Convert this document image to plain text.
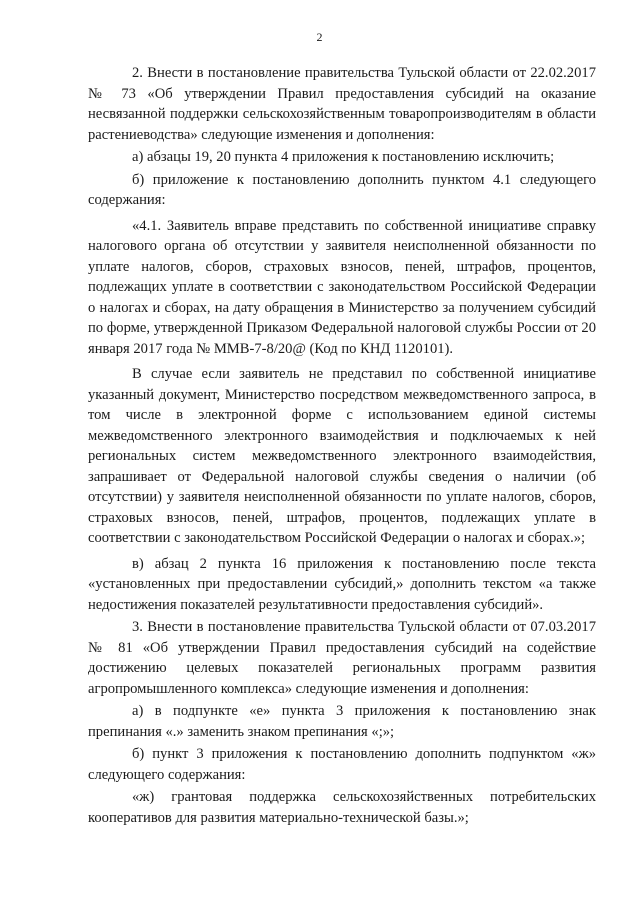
2

2. Внести в постановление правительства Тульской области от 22.02.2017 № 73 «Об утверждении Правил предоставления субсидий на оказание несвязанной поддержки сельскохозяйственным товаропроизводителям в области растениеводства» следующие изменения и дополнения:

а) абзацы 19, 20 пункта 4 приложения к постановлению исключить;

б) приложение к постановлению дополнить пунктом 4.1 следующего содержания:

«4.1. Заявитель вправе представить по собственной инициативе справку налогового органа об отсутствии у заявителя неисполненной обязанности по уплате налогов, сборов, страховых взносов, пеней, штрафов, процентов, подлежащих уплате в соответствии с законодательством Российской Федерации о налогах и сборах, на дату обращения в Министерство за получением субсидий по форме, утвержденной Приказом Федеральной налоговой службы России от 20 января 2017 года № ММВ-7-8/20@ (Код по КНД 1120101).

В случае если заявитель не представил по собственной инициативе указанный документ, Министерство посредством межведомственного запроса, в том числе в электронной форме с использованием единой системы межведомственного электронного взаимодействия и подключаемых к ней региональных систем межведомственного электронного взаимодействия, запрашивает от Федеральной налоговой службы сведения о наличии (об отсутствии) у заявителя неисполненной обязанности по уплате налогов, сборов, страховых взносов, пеней, штрафов, процентов, подлежащих уплате в соответствии с законодательством Российской Федерации о налогах и сборах.»;

в) абзац 2 пункта 16 приложения к постановлению после текста «установленных при предоставлении субсидий,» дополнить текстом «а также недостижения показателей результативности предоставления субсидий».

3. Внести в постановление правительства Тульской области от 07.03.2017 № 81 «Об утверждении Правил предоставления субсидий на содействие достижению целевых показателей региональных программ развития агропромышленного комплекса» следующие изменения и дополнения:

а) в подпункте «е» пункта 3 приложения к постановлению знак препинания «.» заменить знаком препинания «;»;

б) пункт 3 приложения к постановлению дополнить подпунктом «ж» следующего содержания:

«ж) грантовая поддержка сельскохозяйственных потребительских кооперативов для развития материально-технической базы.»;
